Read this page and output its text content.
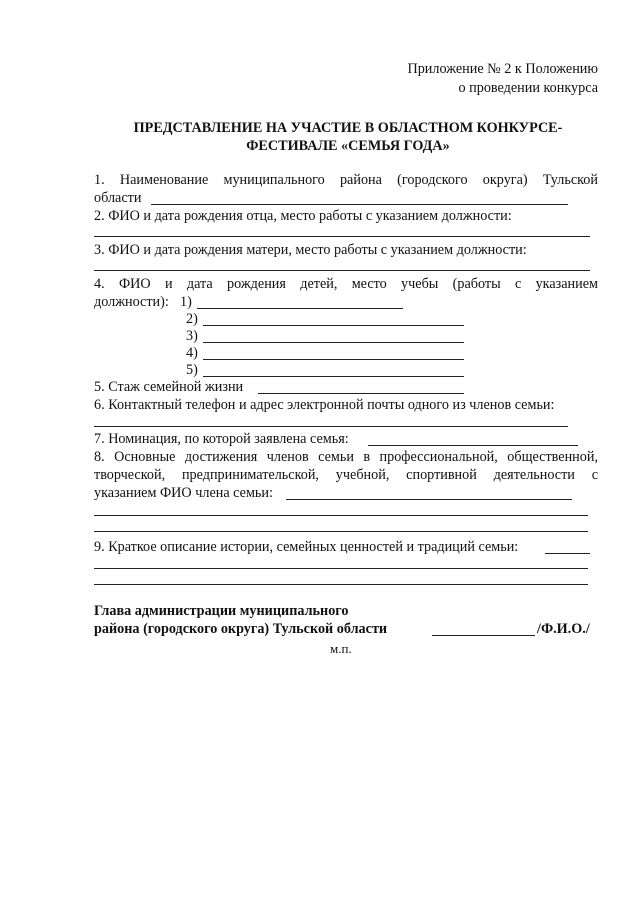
Приложение № 2 к Положению
о проведении конкурса
ПРЕДСТАВЛЕНИЕ НА УЧАСТИЕ В ОБЛАСТНОМ КОНКУРСЕ-
ФЕСТИВАЛЕ «СЕМЬЯ ГОДА»
1. Наименование муниципального района (городского округа) Тульской
области
2. ФИО и дата рождения отца, место работы с указанием должности:
3. ФИО и дата рождения матери, место работы с указанием должности:
4. ФИО и дата рождения детей, место учебы (работы с указанием
должности): 1)
2)
3)
4)
5)
5. Стаж семейной жизни
6. Контактный телефон и адрес электронной почты одного из членов семьи:
7. Номинация, по которой заявлена семья:
8. Основные достижения членов семьи в профессиональной, общественной,
творческой, предпринимательской, учебной, спортивной деятельности с
указанием ФИО члена семьи:
9. Краткое описание истории, семейных ценностей и традиций семьи:
Глава администрации муниципального
района (городского округа) Тульской области	/Ф.И.О./
м.п.
